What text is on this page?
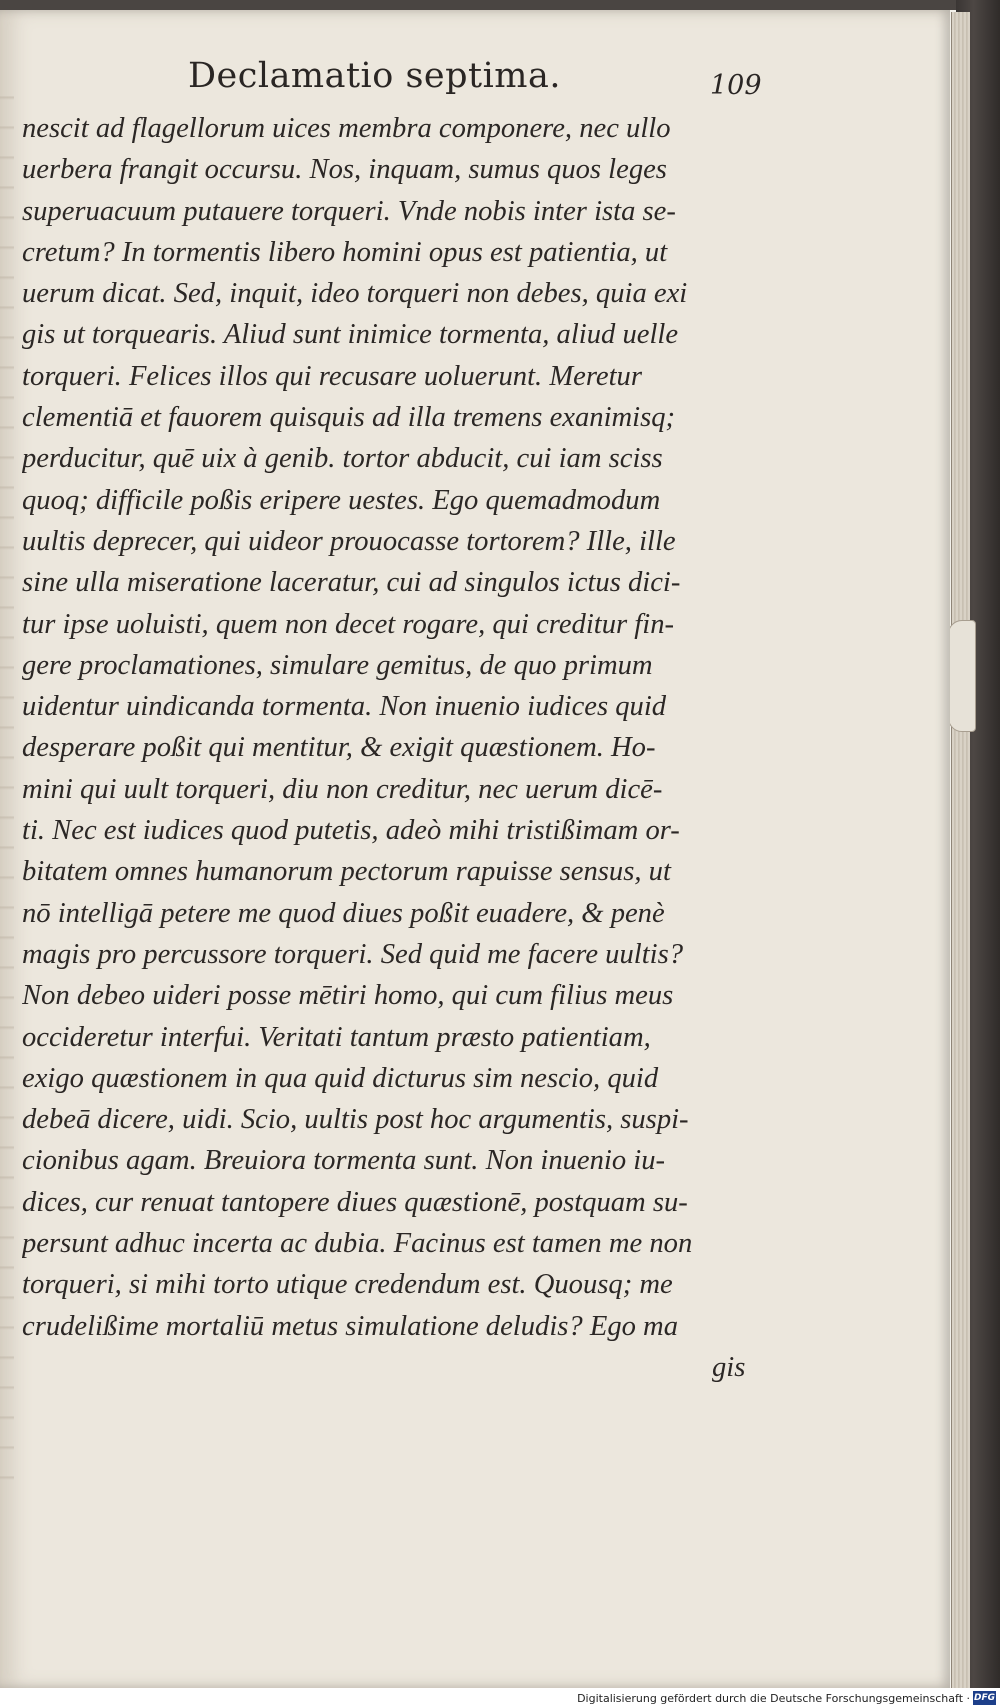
Declamatio septima.	109
nescit ad flagellorum uices membra componere, nec ullo
uerbera frangit occursu. Nos, inquam, sumus quos leges
superuacuum putauere torqueri. Vnde nobis inter ista se-
cretum? In tormentis libero homini opus est patientia, ut
uerum dicat. Sed, inquit, ideo torqueri non debes, quia exi
gis ut torquearis. Aliud sunt inimice tormenta, aliud uelle
torqueri. Felices illos qui recusare uoluerunt. Meretur
clementiā et fauorem quisquis ad illa tremens exanimisq;
perducitur, quē uix à genib. tortor abducit, cui iam sciss
quoq; difficile poßis eripere uestes. Ego quemadmodum
uultis deprecer, qui uideor prouocasse tortorem? Ille, ille
sine ulla miseratione laceratur, cui ad singulos ictus dici-
tur ipse uoluisti, quem non decet rogare, qui creditur fin-
gere proclamationes, simulare gemitus, de quo primum
uidentur uindicanda tormenta. Non inuenio iudices quid
desperare poßit qui mentitur, & exigit quæstionem. Ho-
mini qui uult torqueri, diu non creditur, nec uerum dicē-
ti. Nec est iudices quod putetis, adeò mihi tristißimam or-
bitatem omnes humanorum pectorum rapuisse sensus, ut
nō intelligā petere me quod diues poßit euadere, & penè
magis pro percussore torqueri. Sed quid me facere uultis?
Non debeo uideri posse mētiri homo, qui cum filius meus
occideretur interfui. Veritati tantum præsto patientiam,
exigo quæstionem in qua quid dicturus sim nescio, quid
debeā dicere, uidi. Scio, uultis post hoc argumentis, suspi-
cionibus agam. Breuiora tormenta sunt. Non inuenio iu-
dices, cur renuat tantopere diues quæstionē, postquam su-
persunt adhuc incerta ac dubia. Facinus est tamen me non
torqueri, si mihi torto utique credendum est. Quousq; me
crudelißime mortaliū metus simulatione deludis? Ego ma
gis
Digitalisierung gefördert durch die Deutsche Forschungsgemeinschaft · DFG
